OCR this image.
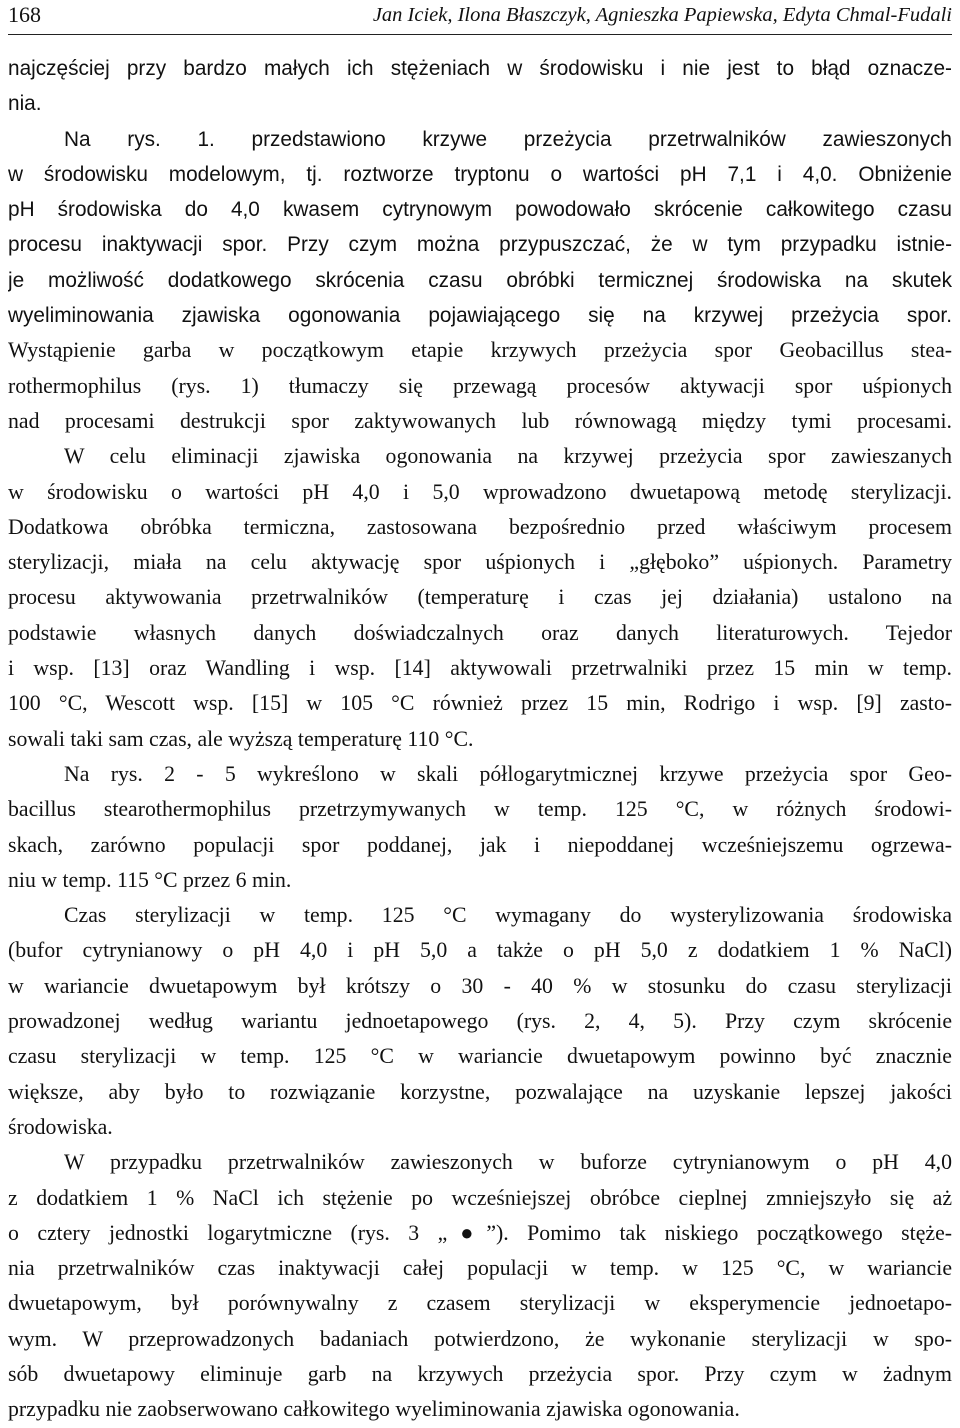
168	Jan Iciek, Ilona Błaszczyk, Agnieszka Papiewska, Edyta Chmal-Fudali
najczęściej przy bardzo małych ich stężeniach w środowisku i nie jest to błąd oznacze-
nia.
Na rys. 1. przedstawiono krzywe przeżycia przetrwalników zawieszonych
w środowisku modelowym, tj. roztworze tryptonu o wartości pH 7,1 i 4,0. Obniżenie
pH środowiska do 4,0 kwasem cytrynowym powodowało skrócenie całkowitego czasu
procesu inaktywacji spor. Przy czym można przypuszczać, że w tym przypadku istnie-
je możliwość dodatkowego skrócenia czasu obróbki termicznej środowiska na skutek
wyeliminowania zjawiska ogonowania pojawiającego się na krzywej przeżycia spor.
Wystąpienie garba w początkowym etapie krzywych przeżycia spor Geobacillus stea-
rothermophilus (rys. 1) tłumaczy się przewagą procesów aktywacji spor uśpionych
nad procesami destrukcji spor zaktywowanych lub równowagą między tymi procesami.
W celu eliminacji zjawiska ogonowania na krzywej przeżycia spor zawieszanych
w środowisku o wartości pH 4,0 i 5,0 wprowadzono dwuetapową metodę sterylizacji.
Dodatkowa obróbka termiczna, zastosowana bezpośrednio przed właściwym procesem
sterylizacji, miała na celu aktywację spor uśpionych i „głęboko” uśpionych. Parametry
procesu aktywowania przetrwalników (temperaturę i czas jej działania) ustalono na
podstawie własnych danych doświadczalnych oraz danych literaturowych. Tejedor
i wsp. [13] oraz Wandling i wsp. [14] aktywowali przetrwalniki przez 15 min w temp.
100 °C, Wescott wsp. [15] w 105 °C również przez 15 min, Rodrigo i wsp. [9] zasto-
sowali taki sam czas, ale wyższą temperaturę 110 °C.
Na rys. 2 - 5 wykreślono w skali półlogarytmicznej krzywe przeżycia spor Geo-
bacillus stearothermophilus przetrzymywanych w temp. 125 °C, w różnych środowi-
skach, zarówno populacji spor poddanej, jak i niepoddanej wcześniejszemu ogrzewa-
niu w temp. 115 °C przez 6 min.
Czas sterylizacji w temp. 125 °C wymagany do wysterylizowania środowiska
(bufor cytrynianowy o pH 4,0 i pH 5,0 a także o pH 5,0 z dodatkiem 1 % NaCl)
w wariancie dwuetapowym był krótszy o 30 - 40 % w stosunku do czasu sterylizacji
prowadzonej według wariantu jednoetapowego (rys. 2, 4, 5). Przy czym skrócenie
czasu sterylizacji w temp. 125 °C w wariancie dwuetapowym powinno być znacznie
większe, aby było to rozwiązanie korzystne, pozwalające na uzyskanie lepszej jakości
środowiska.
W przypadku przetrwalników zawieszonych w buforze cytrynianowym o pH 4,0
z dodatkiem 1 % NaCl ich stężenie po wcześniejszej obróbce cieplnej zmniejszyło się aż
o cztery jednostki logarytmiczne (rys. 3 „●”). Pomimo tak niskiego początkowego stęże-
nia przetrwalników czas inaktywacji całej populacji w temp. w 125 °C, w wariancie
dwuetapowym, był porównywalny z czasem sterylizacji w eksperymencie jednoetapo-
wym. W przeprowadzonych badaniach potwierdzono, że wykonanie sterylizacji w spo-
sób dwuetapowy eliminuje garb na krzywych przeżycia spor. Przy czym w żadnym
przypadku nie zaobserwowano całkowitego wyeliminowania zjawiska ogonowania.
